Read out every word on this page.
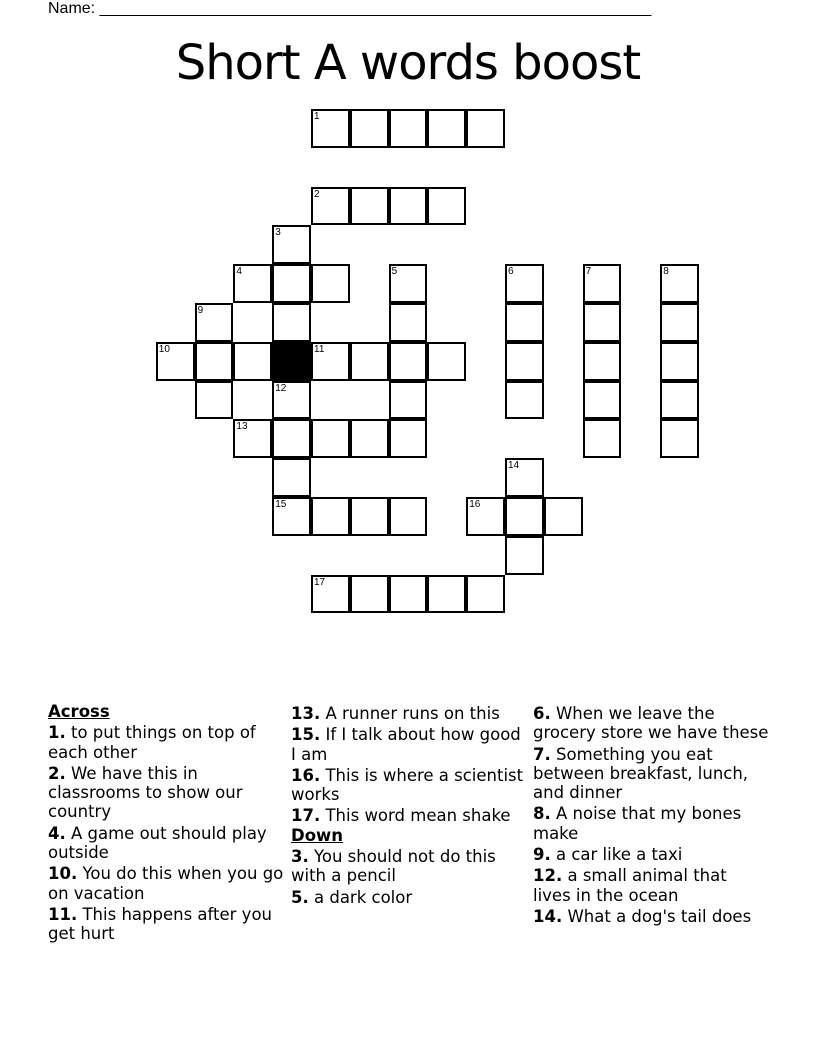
Name: ______________________________________________________________
Short A words boost
1
2
3
4	5	6	7	8
9
10	11
12
13
14
15	16
17
Across
1. to put things on top of each other
2. We have this in classrooms to show our country
4. A game out should play outside
10. You do this when you go on vacation
11. This happens after you get hurt
13. A runner runs on this
15. If I talk about how good I am
16. This is where a scientist works
17. This word mean shake
Down
3. You should not do this with a pencil
5. a dark color
6. When we leave the grocery store we have these
7. Something you eat between breakfast, lunch, and dinner
8. A noise that my bones make
9. a car like a taxi
12. a small animal that lives in the ocean
14. What a dog's tail does
